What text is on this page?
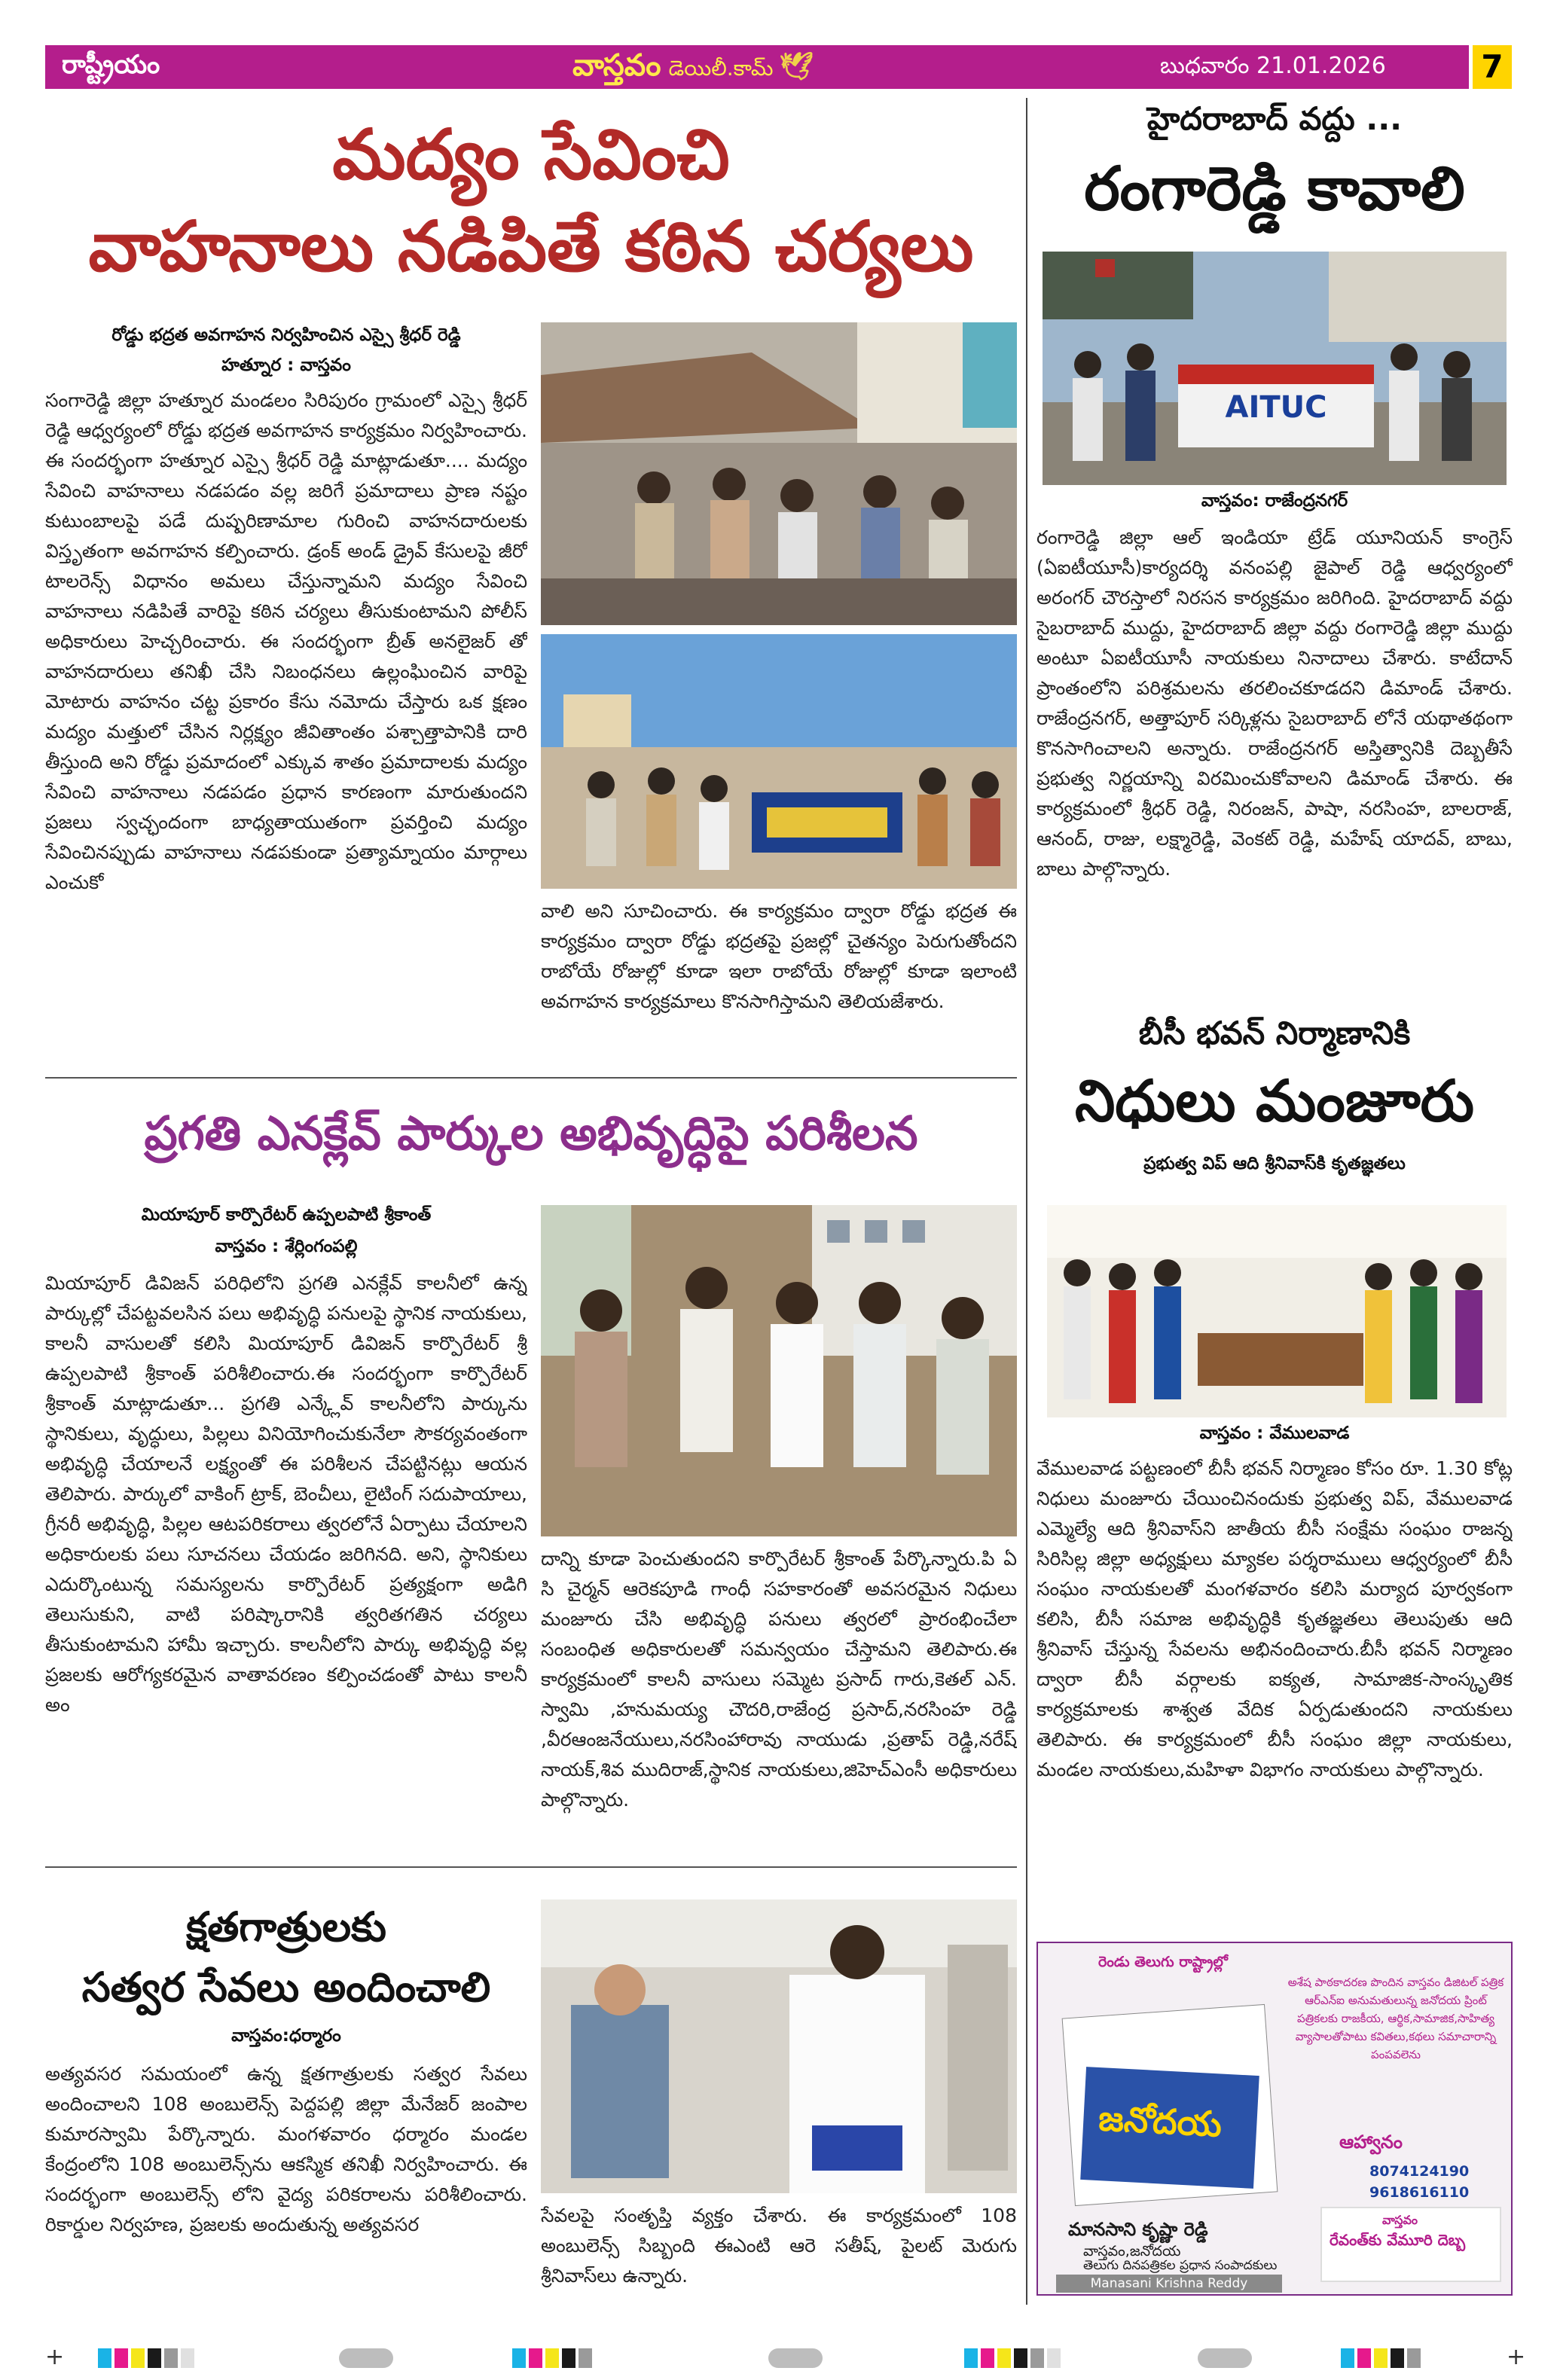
రాష్ట్రీయం	వాస్తవం డెయిలీ.కామ్ 🕊	బుధవారం 21.01.2026	7
మద్యం సేవించి
వాహనాలు నడిపితే కఠిన చర్యలు
రోడ్డు భద్రత అవగాహన నిర్వహించిన ఎస్సై శ్రీధర్ రెడ్డి
హత్నూర : వాస్తవం
సంగారెడ్డి జిల్లా హత్నూర మండలం సిరిపురం గ్రామంలో ఎస్సై శ్రీధర్ రెడ్డి ఆధ్వర్యంలో రోడ్డు భద్రత అవగాహన కార్యక్రమం నిర్వహించారు. ఈ సందర్భంగా హత్నూర ఎస్సై శ్రీధర్ రెడ్డి మాట్లాడుతూ.... మద్యం సేవించి వాహనాలు నడపడం వల్ల జరిగే ప్రమాదాలు ప్రాణ నష్టం కుటుంబాలపై పడే దుష్పరిణామాల గురించి వాహనదారులకు విస్తృతంగా అవగాహన కల్పించారు. డ్రంక్ అండ్ డ్రైవ్ కేసులపై జీరో టాలరెన్స్ విధానం అమలు చేస్తున్నామని మద్యం సేవించి వాహనాలు నడిపితే వారిపై కఠిన చర్యలు తీసుకుంటామని పోలీస్ అధికారులు హెచ్చరించారు. ఈ సందర్భంగా బ్రీత్ అనలైజర్ తో వాహనదారులు తనిఖీ చేసి నిబంధనలు ఉల్లంఘించిన వారిపై మోటారు వాహనం చట్ట ప్రకారం కేసు నమోదు చేస్తారు ఒక క్షణం మద్యం మత్తులో చేసిన నిర్లక్ష్యం జీవితాంతం పశ్చాత్తాపానికి దారి తీస్తుంది అని రోడ్డు ప్రమాదంలో ఎక్కువ శాతం ప్రమాదాలకు మద్యం సేవించి వాహనాలు నడపడం ప్రధాన కారణంగా మారుతుందని ప్రజలు స్వచ్ఛందంగా బాధ్యతాయుతంగా ప్రవర్తించి మద్యం సేవించినప్పుడు వాహనాలు నడపకుండా ప్రత్యామ్నాయం మార్గాలు ఎంచుకో
వాలి అని సూచించారు. ఈ కార్యక్రమం ద్వారా రోడ్డు భద్రత ఈ కార్యక్రమం ద్వారా రోడ్డు భద్రతపై ప్రజల్లో చైతన్యం పెరుగుతోందని రాబోయే రోజుల్లో కూడా ఇలా రాబోయే రోజుల్లో కూడా ఇలాంటి అవగాహన కార్యక్రమాలు కొనసాగిస్తామని తెలియజేశారు.
ప్రగతి ఎనక్లేవ్ పార్కుల అభివృద్ధిపై పరిశీలన
మియాపూర్ కార్పొరేటర్ ఉప్పలపాటి శ్రీకాంత్
వాస్తవం : శేర్లింగంపల్లి
మియాపూర్ డివిజన్ పరిధిలోని ప్రగతి ఎనక్లేవ్ కాలనీలో ఉన్న పార్కుల్లో చేపట్టవలసిన పలు అభివృద్ధి పనులపై స్థానిక నాయకులు, కాలనీ వాసులతో కలిసి మియాపూర్ డివిజన్ కార్పొరేటర్ శ్రీ ఉప్పలపాటి శ్రీకాంత్ పరిశీలించారు.ఈ సందర్భంగా కార్పొరేటర్ శ్రీకాంత్ మాట్లాడుతూ... ప్రగతి ఎన్క్లేవ్ కాలనీలోని పార్కును స్థానికులు, వృద్ధులు, పిల్లలు వినియోగించుకునేలా సౌకర్యవంతంగా అభివృద్ధి చేయాలనే లక్ష్యంతో ఈ పరిశీలన చేపట్టినట్లు ఆయన తెలిపారు. పార్కులో వాకింగ్ ట్రాక్, బెంచీలు, లైటింగ్ సదుపాయాలు, గ్రీనరీ అభివృద్ధి, పిల్లల ఆటపరికరాలు త్వరలోనే ఏర్పాటు చేయాలని అధికారులకు పలు సూచనలు చేయడం జరిగినది. అని, స్థానికులు ఎదుర్కొంటున్న సమస్యలను కార్పొరేటర్ ప్రత్యక్షంగా అడిగి తెలుసుకుని, వాటి పరిష్కారానికి త్వరితగతిన చర్యలు తీసుకుంటామని హామీ ఇచ్చారు. కాలనీలోని పార్కు అభివృద్ధి వల్ల ప్రజలకు ఆరోగ్యకరమైన వాతావరణం కల్పించడంతో పాటు కాలనీ అం
దాన్ని కూడా పెంచుతుందని కార్పొరేటర్ శ్రీకాంత్ పేర్కొన్నారు.పి ఏ సి చైర్మన్ ఆరెకపూడి గాంధీ సహకారంతో అవసరమైన నిధులు మంజూరు చేసి అభివృద్ధి పనులు త్వరలో ప్రారంభించేలా సంబంధిత అధికారులతో సమన్వయం చేస్తామని తెలిపారు.ఈ కార్యక్రమంలో కాలనీ వాసులు సమ్మెట ప్రసాద్ గారు,కెతల్ ఎన్. స్వామి ,హనుమయ్య చౌదరి,రాజేంద్ర ప్రసాద్,నరసింహ రెడ్డి ,వీరఆంజనేయులు,నరసింహారావు నాయుడు ,ప్రతాప్ రెడ్డి,నరేష్ నాయక్,శివ ముదిరాజ్,స్థానిక నాయకులు,జిహెచ్ఎంసీ అధికారులు పాల్గొన్నారు.
క్షతగాత్రులకు
సత్వర సేవలు అందించాలి
వాస్తవం:ధర్మారం
అత్యవసర సమయంలో ఉన్న క్షతగాత్రులకు సత్వర సేవలు అందించాలని 108 అంబులెన్స్ పెద్దపల్లి జిల్లా మేనేజర్ జంపాల కుమారస్వామి పేర్కొన్నారు. మంగళవారం ధర్మారం మండల కేంద్రంలోని 108 అంబులెన్స్‌ను ఆకస్మిక తనిఖీ నిర్వహించారు. ఈ సందర్భంగా అంబులెన్స్ లోని వైద్య పరికరాలను పరిశీలించారు. రికార్డుల నిర్వహణ, ప్రజలకు అందుతున్న అత్యవసర	సేవలపై సంతృప్తి వ్యక్తం చేశారు. ఈ కార్యక్రమంలో 108 అంబులెన్స్ సిబ్బంది ఈఎంటి ఆరె సతీష్, పైలట్ మెరుగు శ్రీనివాస్‌లు ఉన్నారు.
హైదరాబాద్ వద్దు ...
రంగారెడ్డి కావాలి
AITUC
వాస్తవం: రాజేంద్రనగర్
రంగారెడ్డి జిల్లా ఆల్ ఇండియా ట్రేడ్ యూనియన్ కాంగ్రెస్ (ఏఐటీయూసీ)కార్యదర్శి వనంపల్లి జైపాల్ రెడ్డి ఆధ్వర్యంలో అరంగర్ చౌరస్తాలో నిరసన కార్యక్రమం జరిగింది. హైదరాబాద్ వద్దు సైబరాబాద్ ముద్దు, హైదరాబాద్ జిల్లా వద్దు రంగారెడ్డి జిల్లా ముద్దు అంటూ ఏఐటీయూసీ నాయకులు నినాదాలు చేశారు. కాటేదాన్ ప్రాంతంలోని పరిశ్రమలను తరలించకూడదని డిమాండ్ చేశారు. రాజేంద్రనగర్, అత్తాపూర్ సర్కిళ్లను సైబరాబాద్ లోనే యథాతథంగా కొనసాగించాలని అన్నారు. రాజేంద్రనగర్ అస్తిత్వానికి దెబ్బతీసే ప్రభుత్వ నిర్ణయాన్ని విరమించుకోవాలని డిమాండ్ చేశారు. ఈ కార్యక్రమంలో శ్రీధర్ రెడ్డి, నిరంజన్, పాషా, నరసింహ, బాలరాజ్, ఆనంద్, రాజు, లక్ష్మారెడ్డి, వెంకట్ రెడ్డి, మహేష్ యాదవ్, బాబు, బాలు పాల్గొన్నారు.
బీసీ భవన్ నిర్మాణానికి
నిధులు మంజూరు
ప్రభుత్వ విప్ ఆది శ్రీనివాస్‌కి కృతజ్ఞతలు
వాస్తవం : వేములవాడ
వేములవాడ పట్టణంలో బీసీ భవన్ నిర్మాణం కోసం రూ. 1.30 కోట్ల నిధులు మంజూరు చేయించినందుకు ప్రభుత్వ విప్, వేములవాడ ఎమ్మెల్యే ఆది శ్రీనివాస్‌ని జాతీయ బీసీ సంక్షేమ సంఘం రాజన్న సిరిసిల్ల జిల్లా అధ్యక్షులు మ్యాకల పర్శరాములు ఆధ్వర్యంలో బీసీ సంఘం నాయకులతో మంగళవారం కలిసి మర్యాద పూర్వకంగా కలిసి, బీసీ సమాజ అభివృద్ధికి కృతజ్ఞతలు తెలుపుతు ఆది శ్రీనివాస్ చేస్తున్న సేవలను అభినందించారు.బీసీ భవన్ నిర్మాణం ద్వారా బీసీ వర్గాలకు ఐక్యత, సామాజిక-సాంస్కృతిక కార్యక్రమాలకు శాశ్వత వేదిక ఏర్పడుతుందని నాయకులు తెలిపారు. ఈ కార్యక్రమంలో బీసీ సంఘం జిల్లా నాయకులు, మండల నాయకులు,మహిళా విభాగం నాయకులు పాల్గొన్నారు.
రెండు తెలుగు రాష్ట్రాల్లో
అశేష పాఠకాదరణ పొందిన వాస్తవం డిజిటల్ పత్రిక ఆర్ఎన్ఐ అనుమతులున్న జనోదయ ప్రింట్ పత్రికలకు రాజకీయ, ఆర్థిక,సామాజిక,సాహిత్య వ్యాసాలతోపాటు కవితలు,కథలు సమాచారాన్ని పంపవలెను
ఆహ్వానం
జనోదయ
8074124190
9618616110
మానసాని కృష్ణా రెడ్డి
వాస్తవం,జనోదయ
తెలుగు దినపత్రికల ప్రధాన సంపాదకులు
వాస్తవం
రేవంత్‌కు వేమూరి దెబ్బ
Manasani Krishna Reddy
+	+
